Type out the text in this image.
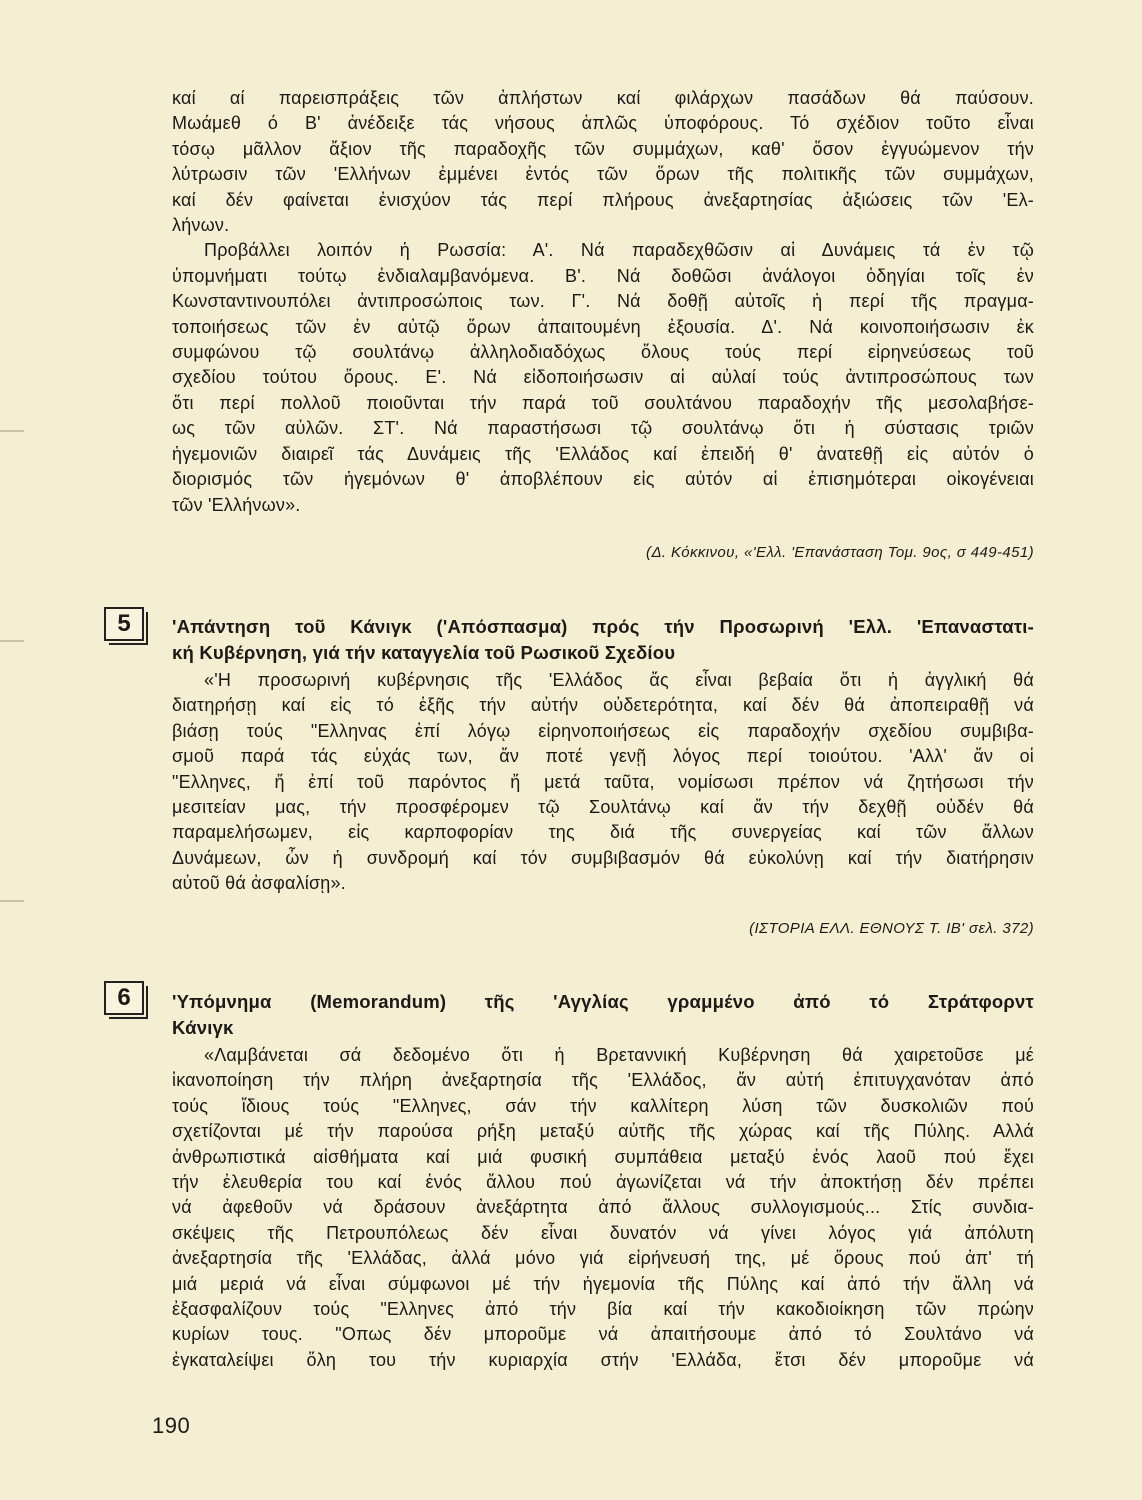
καί αί παρεισπράξεις τῶν ἀπλήστων καί φιλάρχων πασάδων θά παύσουν.
Μωάμεθ ό Β' ἀνέδειξε τάς νήσους ἁπλῶς ὑποφόρους. Τό σχέδιον τοῦτο εἶναι
τόσῳ μᾶλλον ἄξιον τῆς παραδοχῆς τῶν συμμάχων, καθ' ὅσον ἐγγυώμενον τήν
λύτρωσιν τῶν 'Ελλήνων ἐμμένει ἐντός τῶν ὅρων τῆς πολιτικῆς τῶν συμμάχων,
καί δέν φαίνεται ἐνισχύον τάς περί πλήρους ἀνεξαρτησίας ἀξιώσεις τῶν 'Ελ-
λήνων.
Προβάλλει λοιπόν ἡ Ρωσσία: Α'. Νά παραδεχθῶσιν αἱ Δυνάμεις τά ἐν τῷ
ὑπομνήματι τούτῳ ἐνδιαλαμβανόμενα. Β'. Νά δοθῶσι ἀνάλογοι ὁδηγίαι τοῖς ἐν
Κωνσταντινουπόλει ἀντιπροσώποις των. Γ'. Νά δοθῇ αὐτοῖς ἡ περί τῆς πραγμα-
τοποιήσεως τῶν ἐν αὐτῷ ὅρων ἀπαιτουμένη ἐξουσία. Δ'. Νά κοινοποιήσωσιν ἐκ
συμφώνου τῷ σουλτάνῳ ἀλληλοδιαδόχως ὅλους τούς περί εἰρηνεύσεως τοῦ
σχεδίου τούτου ὅρους. Ε'. Νά εἰδοποιήσωσιν αἱ αὐλαί τούς ἀντιπροσώπους των
ὅτι περί πολλοῦ ποιοῦνται τήν παρά τοῦ σουλτάνου παραδοχήν τῆς μεσολαβήσε-
ως τῶν αὐλῶν. ΣΤ'. Νά παραστήσωσι τῷ σουλτάνῳ ὅτι ἡ σύστασις τριῶν
ἡγεμονιῶν διαιρεῖ τάς Δυνάμεις τῆς 'Ελλάδος καί ἐπειδή θ' ἀνατεθῇ εἰς αὐτόν ὁ
διορισμός τῶν ἡγεμόνων θ' ἀποβλέπουν εἰς αὐτόν αἱ ἐπισημότεραι οἰκογένειαι
τῶν 'Ελλήνων».
(Δ. Κόκκινου, «'Ελλ. 'Επανάσταση Τομ. 9ος, σ 449-451)
5	'Απάντηση τοῦ Κάνιγκ ('Απόσπασμα) πρός τήν Προσωρινή 'Ελλ. 'Επαναστατι-
κή Κυβέρνηση, γιά τήν καταγγελία τοῦ Ρωσικοῦ Σχεδίου
«'Η προσωρινή κυβέρνησις τῆς 'Ελλάδος ἄς εἶναι βεβαία ὅτι ἡ ἀγγλική θά
διατηρήσῃ καί εἰς τό ἑξῆς τήν αὐτήν οὐδετερότητα, καί δέν θά ἀποπειραθῇ νά
βιάσῃ τούς "Ελληνας ἐπί λόγῳ εἰρηνοποιήσεως εἰς παραδοχήν σχεδίου συμβιβα-
σμοῦ παρά τάς εὐχάς των, ἄν ποτέ γενῇ λόγος περί τοιούτου. 'Αλλ' ἄν οἱ
"Ελληνες, ἤ ἐπί τοῦ παρόντος ἤ μετά ταῦτα, νομίσωσι πρέπον νά ζητήσωσι τήν
μεσιτείαν μας, τήν προσφέρομεν τῷ Σουλτάνῳ καί ἄν τήν δεχθῇ οὐδέν θά
παραμελήσωμεν, εἰς καρποφορίαν της διά τῆς συνεργείας καί τῶν ἄλλων
Δυνάμεων, ὧν ἡ συνδρομή καί τόν συμβιβασμόν θά εὐκολύνῃ καί τήν διατήρησιν
αὐτοῦ θά ἀσφαλίσῃ».
(ΙΣΤΟΡΙΑ ΕΛΛ. ΕΘΝΟΥΣ Τ. ΙΒ' σελ. 372)
6	'Υπόμνημα (Memorandum) τῆς 'Αγγλίας γραμμένο ἀπό τό Στράτφορντ
Κάνιγκ
«Λαμβάνεται σά δεδομένο ὅτι ἡ Βρεταννική Κυβέρνηση θά χαιρετοῦσε μέ
ἱκανοποίηση τήν πλήρη ἀνεξαρτησία τῆς 'Ελλάδος, ἄν αὐτή ἐπιτυγχανόταν ἀπό
τούς ἴδιους τούς "Ελληνες, σάν τήν καλλίτερη λύση τῶν δυσκολιῶν πού
σχετίζονται μέ τήν παρούσα ρήξη μεταξύ αὐτῆς τῆς χώρας καί τῆς Πύλης. Αλλά
ἀνθρωπιστικά αἰσθήματα καί μιά φυσική συμπάθεια μεταξύ ἑνός λαοῦ πού ἔχει
τήν ἐλευθερία του καί ἑνός ἄλλου πού ἀγωνίζεται νά τήν ἀποκτήσῃ δέν πρέπει
νά ἀφεθοῦν νά δράσουν ἀνεξάρτητα ἀπό ἄλλους συλλογισμούς... Στίς συνδια-
σκέψεις τῆς Πετρουπόλεως δέν εἶναι δυνατόν νά γίνει λόγος γιά ἀπόλυτη
ἀνεξαρτησία τῆς 'Ελλάδας, ἀλλά μόνο γιά εἰρήνευσή της, μέ ὅρους πού ἀπ' τή
μιά μεριά νά εἶναι σύμφωνοι μέ τήν ἡγεμονία τῆς Πύλης καί ἀπό τήν ἄλλη νά
ἐξασφαλίζουν τούς "Ελληνες ἀπό τήν βία καί τήν κακοδιοίκηση τῶν πρώην
κυρίων τους. "Οπως δέν μποροῦμε νά ἀπαιτήσουμε ἀπό τό Σουλτάνο νά
ἐγκαταλείψει ὅλη του τήν κυριαρχία στήν 'Ελλάδα, ἔτσι δέν μποροῦμε νά
190
